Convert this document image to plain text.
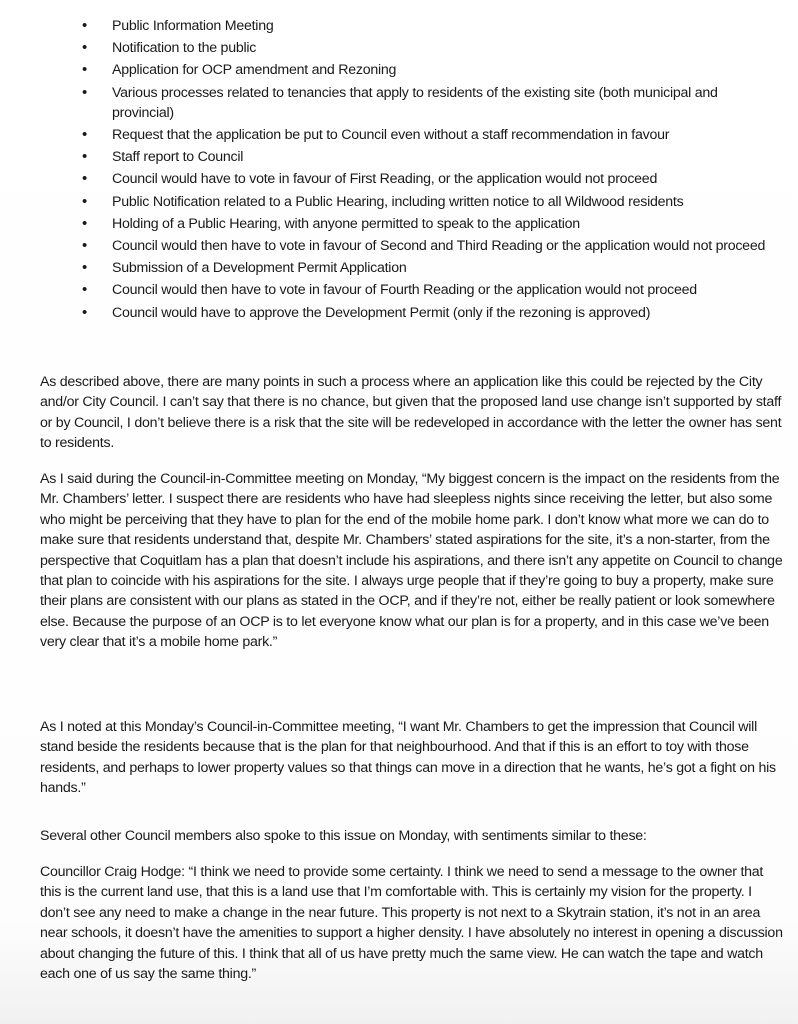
• Public Information Meeting
• Notification to the public
• Application for OCP amendment and Rezoning
• Various processes related to tenancies that apply to residents of the existing site (both municipal and provincial)
• Request that the application be put to Council even without a staff recommendation in favour
• Staff report to Council
• Council would have to vote in favour of First Reading, or the application would not proceed
• Public Notification related to a Public Hearing, including written notice to all Wildwood residents
• Holding of a Public Hearing, with anyone permitted to speak to the application
• Council would then have to vote in favour of Second and Third Reading or the application would not proceed
• Submission of a Development Permit Application
• Council would then have to vote in favour of Fourth Reading or the application would not proceed
• Council would have to approve the Development Permit (only if the rezoning is approved)

As described above, there are many points in such a process where an application like this could be rejected by the City and/or City Council. I can’t say that there is no chance, but given that the proposed land use change isn’t supported by staff or by Council, I don’t believe there is a risk that the site will be redeveloped in accordance with the letter the owner has sent to residents.

As I said during the Council-in-Committee meeting on Monday, “My biggest concern is the impact on the residents from the Mr. Chambers’ letter. I suspect there are residents who have had sleepless nights since receiving the letter, but also some who might be perceiving that they have to plan for the end of the mobile home park. I don’t know what more we can do to make sure that residents understand that, despite Mr. Chambers’ stated aspirations for the site, it’s a non-starter, from the perspective that Coquitlam has a plan that doesn’t include his aspirations, and there isn’t any appetite on Council to change that plan to coincide with his aspirations for the site. I always urge people that if they’re going to buy a property, make sure their plans are consistent with our plans as stated in the OCP, and if they’re not, either be really patient or look somewhere else. Because the purpose of an OCP is to let everyone know what our plan is for a property, and in this case we’ve been very clear that it’s a mobile home park.”

As I noted at this Monday’s Council-in-Committee meeting, “I want Mr. Chambers to get the impression that Council will stand beside the residents because that is the plan for that neighbourhood. And that if this is an effort to toy with those residents, and perhaps to lower property values so that things can move in a direction that he wants, he’s got a fight on his hands.”

Several other Council members also spoke to this issue on Monday, with sentiments similar to these:

Councillor Craig Hodge: “I think we need to provide some certainty. I think we need to send a message to the owner that this is the current land use, that this is a land use that I’m comfortable with. This is certainly my vision for the property. I don’t see any need to make a change in the near future. This property is not next to a Skytrain station, it’s not in an area near schools, it doesn’t have the amenities to support a higher density. I have absolutely no interest in opening a discussion about changing the future of this. I think that all of us have pretty much the same view. He can watch the tape and watch each one of us say the same thing.”
